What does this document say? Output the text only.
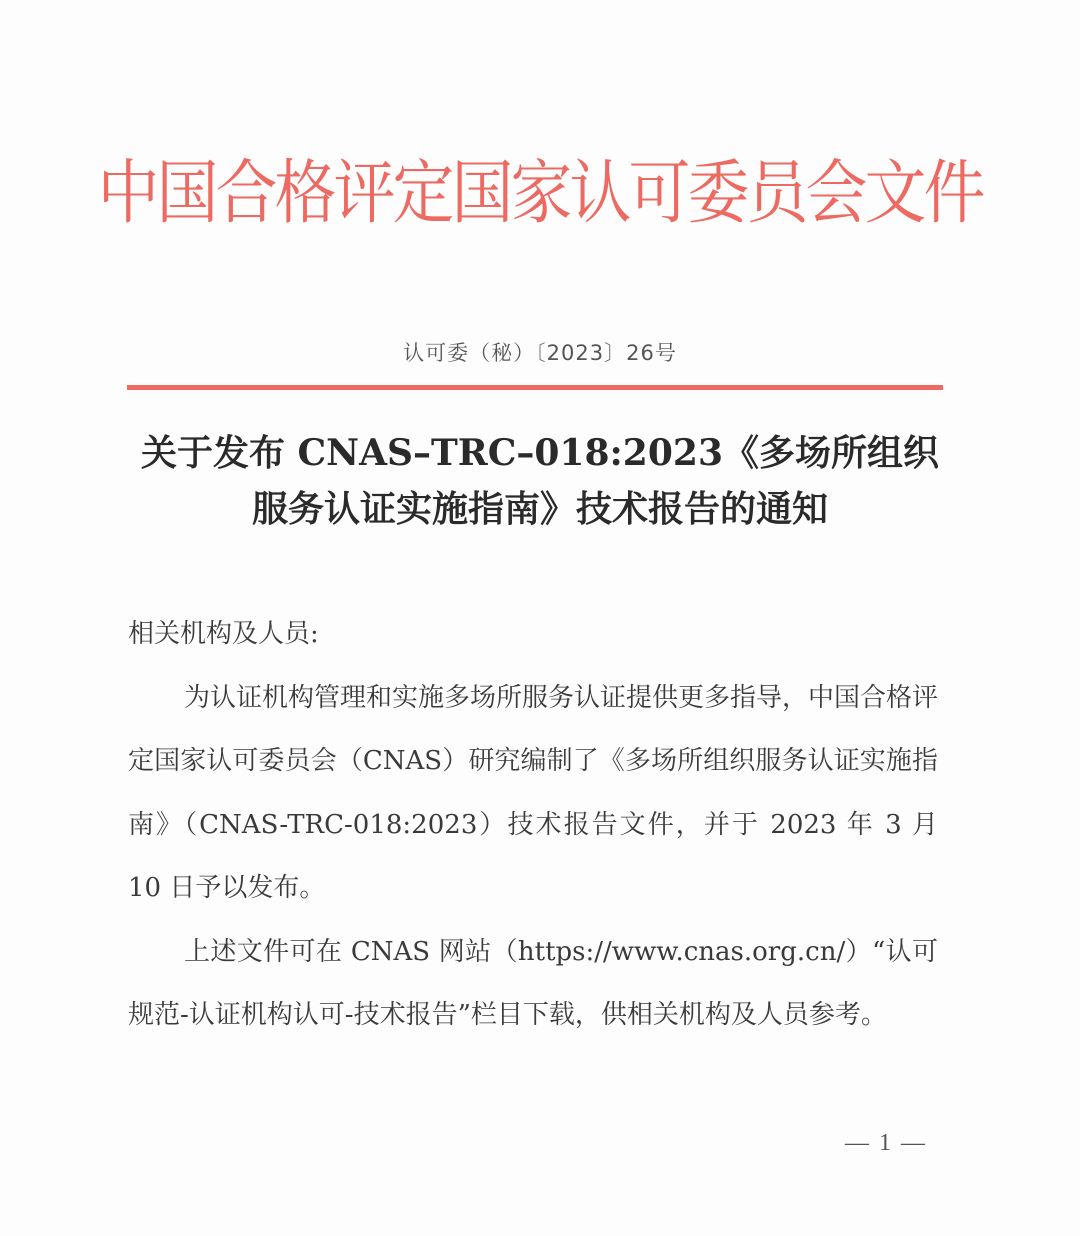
中国合格评定国家认可委员会文件
认可委（秘）〔2023〕26号
关于发布 CNAS–TRC–018:2023《多场所组织
服务认证实施指南》技术报告的通知

相关机构及人员:

为认证机构管理和实施多场所服务认证提供更多指导，中国合格评定国家认可委员会（CNAS）研究编制了《多场所组织服务认证实施指南》（CNAS-TRC-018:2023）技术报告文件，并于 2023 年 3 月 10 日予以发布。

上述文件可在 CNAS 网站（https://www.cnas.org.cn/）“认可规范-认证机构认可-技术报告”栏目下载，供相关机构及人员参考。

— 1 —
